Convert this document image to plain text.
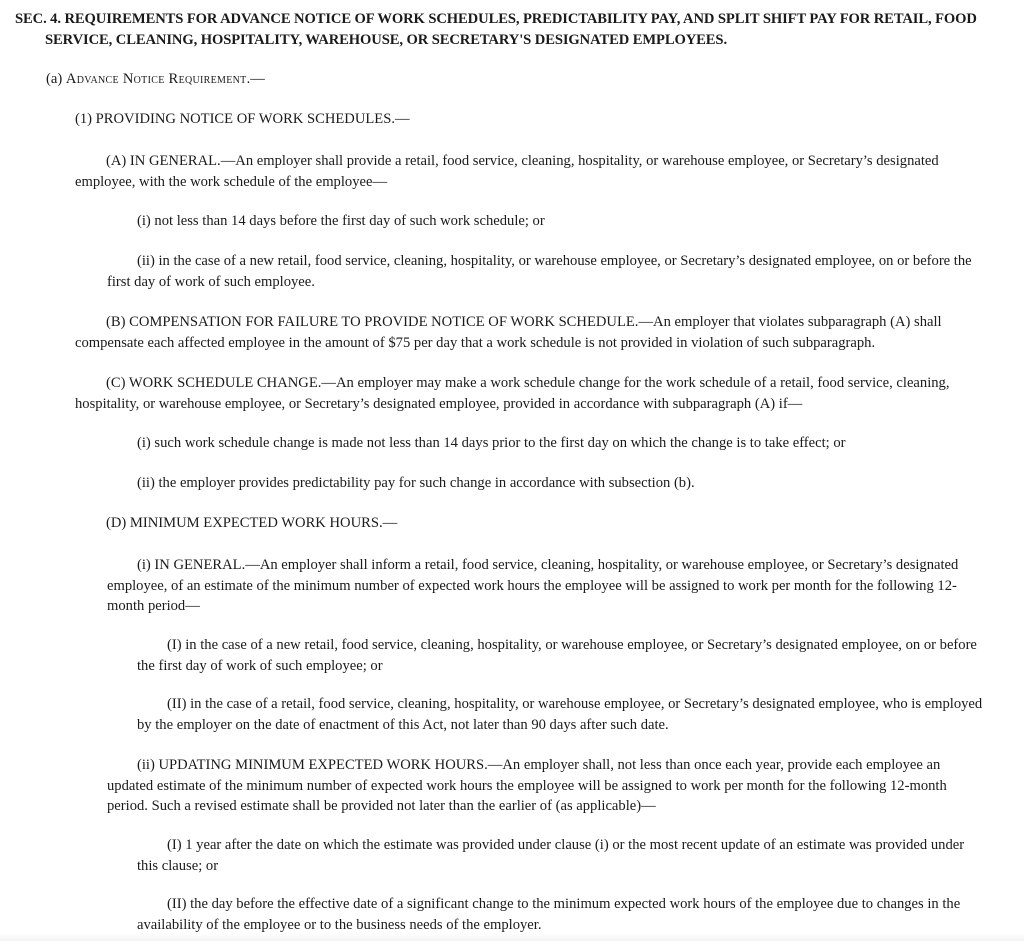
SEC. 4. REQUIREMENTS FOR ADVANCE NOTICE OF WORK SCHEDULES, PREDICTABILITY PAY, AND SPLIT SHIFT PAY FOR RETAIL, FOOD SERVICE, CLEANING, HOSPITALITY, WAREHOUSE, OR SECRETARY'S DESIGNATED EMPLOYEES.
(a) Advance Notice Requirement.—
(1) PROVIDING NOTICE OF WORK SCHEDULES.—
(A) IN GENERAL.—An employer shall provide a retail, food service, cleaning, hospitality, or warehouse employee, or Secretary’s designated employee, with the work schedule of the employee—
(i) not less than 14 days before the first day of such work schedule; or
(ii) in the case of a new retail, food service, cleaning, hospitality, or warehouse employee, or Secretary’s designated employee, on or before the first day of work of such employee.
(B) COMPENSATION FOR FAILURE TO PROVIDE NOTICE OF WORK SCHEDULE.—An employer that violates subparagraph (A) shall compensate each affected employee in the amount of $75 per day that a work schedule is not provided in violation of such subparagraph.
(C) WORK SCHEDULE CHANGE.—An employer may make a work schedule change for the work schedule of a retail, food service, cleaning, hospitality, or warehouse employee, or Secretary’s designated employee, provided in accordance with subparagraph (A) if—
(i) such work schedule change is made not less than 14 days prior to the first day on which the change is to take effect; or
(ii) the employer provides predictability pay for such change in accordance with subsection (b).
(D) MINIMUM EXPECTED WORK HOURS.—
(i) IN GENERAL.—An employer shall inform a retail, food service, cleaning, hospitality, or warehouse employee, or Secretary’s designated employee, of an estimate of the minimum number of expected work hours the employee will be assigned to work per month for the following 12-month period—
(I) in the case of a new retail, food service, cleaning, hospitality, or warehouse employee, or Secretary’s designated employee, on or before the first day of work of such employee; or
(II) in the case of a retail, food service, cleaning, hospitality, or warehouse employee, or Secretary’s designated employee, who is employed by the employer on the date of enactment of this Act, not later than 90 days after such date.
(ii) UPDATING MINIMUM EXPECTED WORK HOURS.—An employer shall, not less than once each year, provide each employee an updated estimate of the minimum number of expected work hours the employee will be assigned to work per month for the following 12-month period. Such a revised estimate shall be provided not later than the earlier of (as applicable)—
(I) 1 year after the date on which the estimate was provided under clause (i) or the most recent update of an estimate was provided under this clause; or
(II) the day before the effective date of a significant change to the minimum expected work hours of the employee due to changes in the availability of the employee or to the business needs of the employer.
